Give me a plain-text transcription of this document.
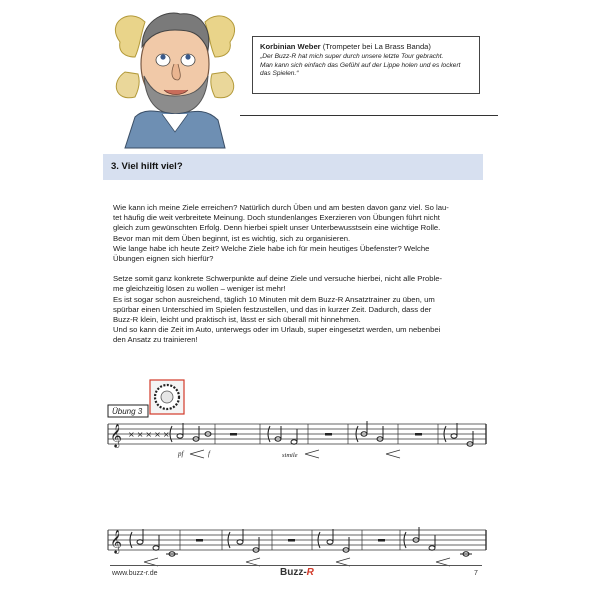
Korbinian Weber (Trompeter bei La Brass Banda)
„Der Buzz-R hat mich super durch unsere letzte Tour gebracht.
Man kann sich einfach das Gefühl auf der Lippe holen und es lockert
das Spielen.“
3. Viel hilft viel?

Wie kann ich meine Ziele erreichen? Natürlich durch Üben und am besten davon ganz viel. So lau-

tet häufig die weit verbreitete Meinung. Doch stundenlanges Exerzieren von Übungen führt nicht

gleich zum gewünschten Erfolg. Denn hierbei spielt unser Unterbewusstsein eine wichtige Rolle.

Bevor man mit dem Üben beginnt, ist es wichtig, sich zu organisieren.

Wie lange habe ich heute Zeit? Welche Ziele habe ich für mein heutiges Übefenster? Welche

Übungen eignen sich hierfür?

Setze somit ganz konkrete Schwerpunkte auf deine Ziele und versuche hierbei, nicht alle Proble-

me gleichzeitig lösen zu wollen – weniger ist mehr!

Es ist sogar schon ausreichend, täglich 10 Minuten mit dem Buzz-R Ansatztrainer zu üben, um

spürbar einen Unterschied im Spielen festzustellen, und das in kurzer Zeit. Dadurch, dass der

Buzz-R klein, leicht und praktisch ist, lässt er sich überall mit hinnehmen.

Und so kann die Zeit im Auto, unterwegs oder im Urlaub, super eingesetzt werden, um nebenbei

den Ansatz zu trainieren!

Übung 3
𝄞 ×××××
pf	f	simile
𝄞
www.buzz-r.de	Buzz-R	7
